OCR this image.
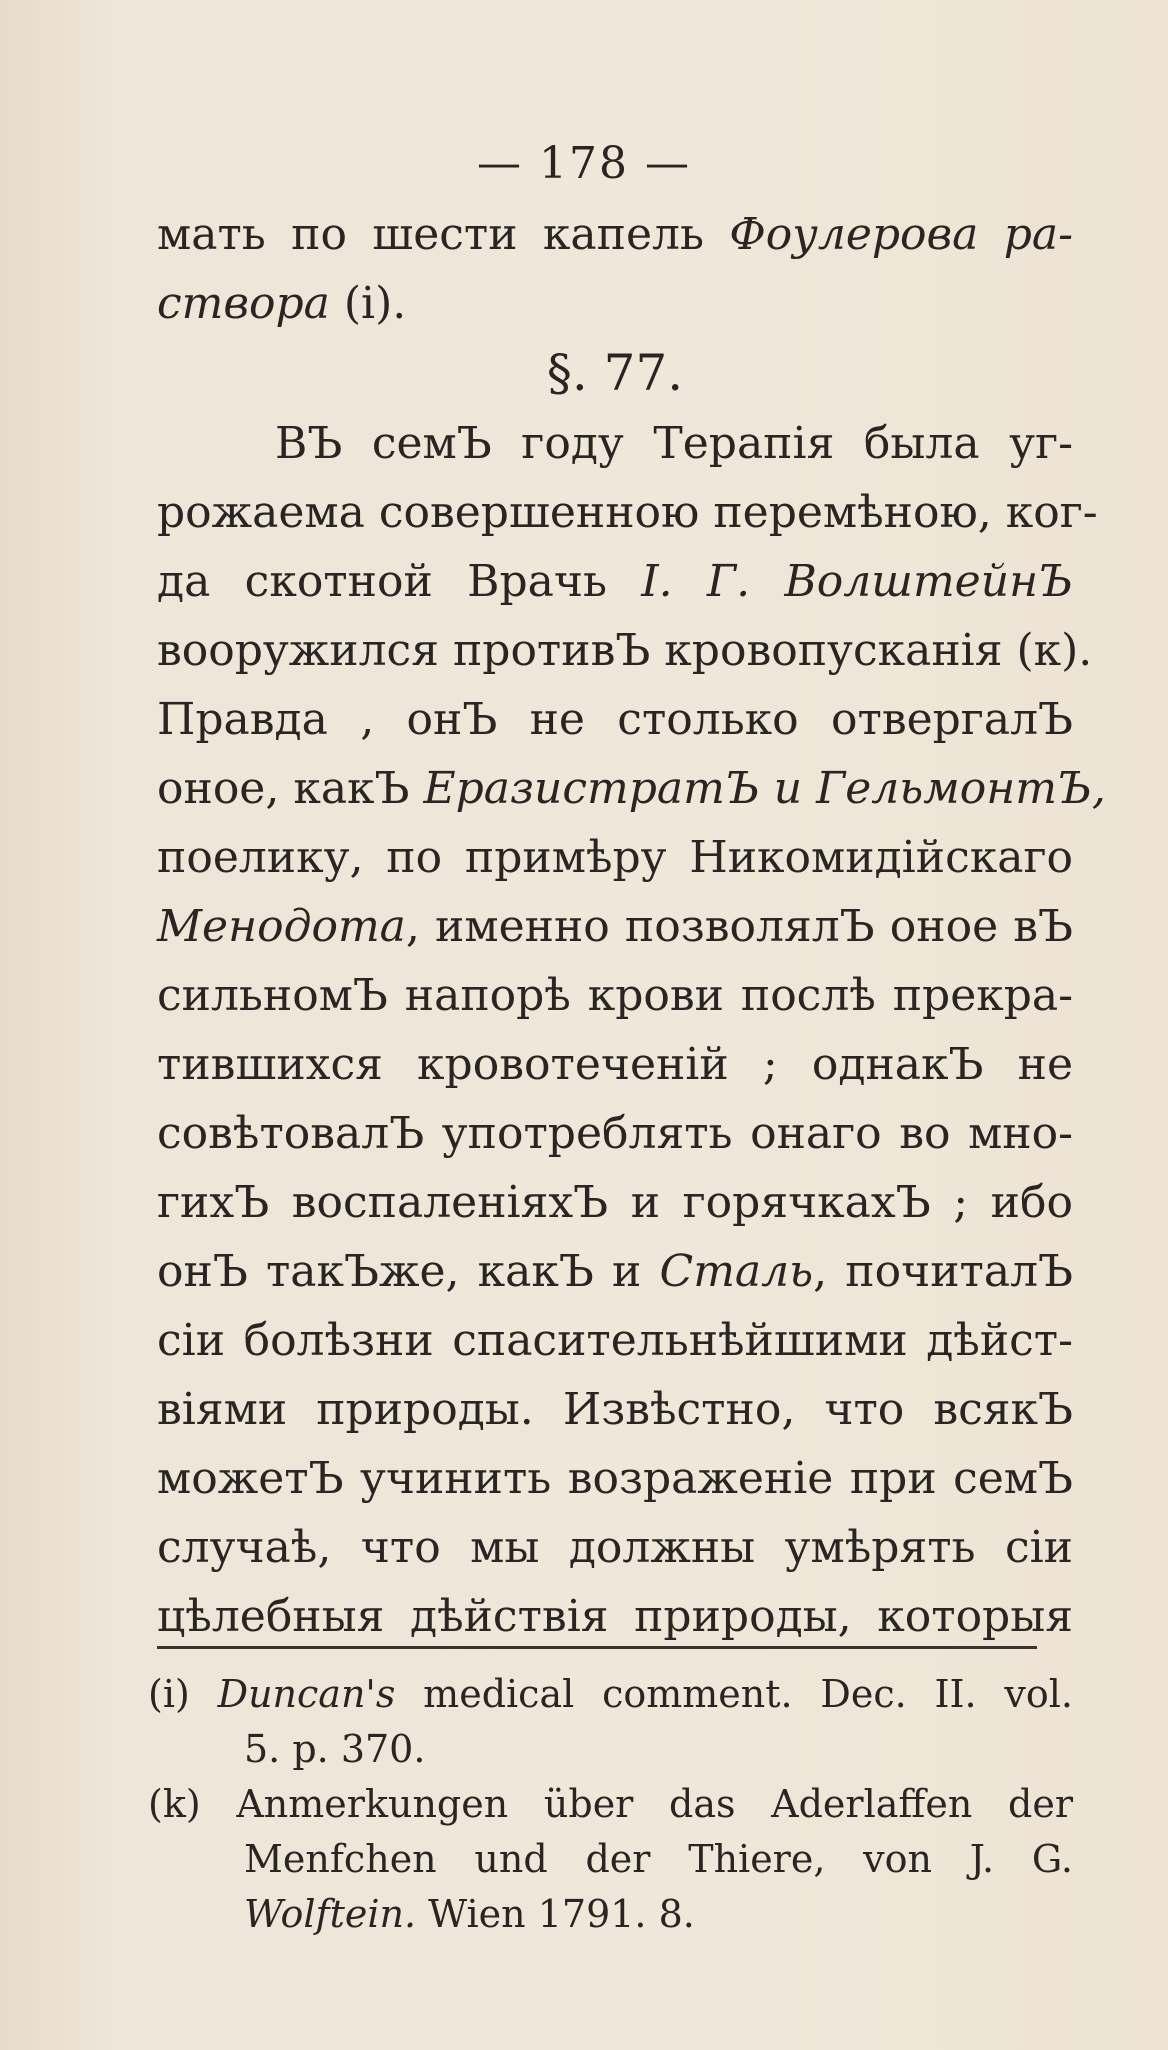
— 178 —
мать по шести капель Фоулерова ра-
створа (i).
§. 77.
ВЪ семЪ году Терапія была уг-
рожаема совершенною перемѣною, ког-
да скотной Врачь I. Г. ВолштейнЪ
вооружился противЪ кровопусканія (к).
Правда , онЪ не столько отвергалЪ
оное, какЪ ЕразистратЪ и ГельмонтЪ,
поелику, по примѣру Никомидійскаго
Менодота, именно позволялЪ оное вЪ
сильномЪ напорѣ крови послѣ прекра-
тившихся кровотеченій ; однакЪ не
совѣтовалЪ употреблять онаго во мно-
гихЪ воспаленіяхЪ и горячкахЪ ; ибо
онЪ такЪже, какЪ и Сталь, почиталЪ
сіи болѣзни спасительнѣйшими дѣйст-
віями природы. Извѣстно, что всякЪ
можетЪ учинить возраженіе при семЪ
случаѣ, что мы должны умѣрять сіи
цѣлебныя дѣйствія природы, которыя
(i) Duncan's medical comment. Dec. II. vol.
5. p. 370.
(k) Anmerkungen über das Aderlaffen der
Menfchen und der Thiere, von J. G.
Wolftein. Wien 1791. 8.
